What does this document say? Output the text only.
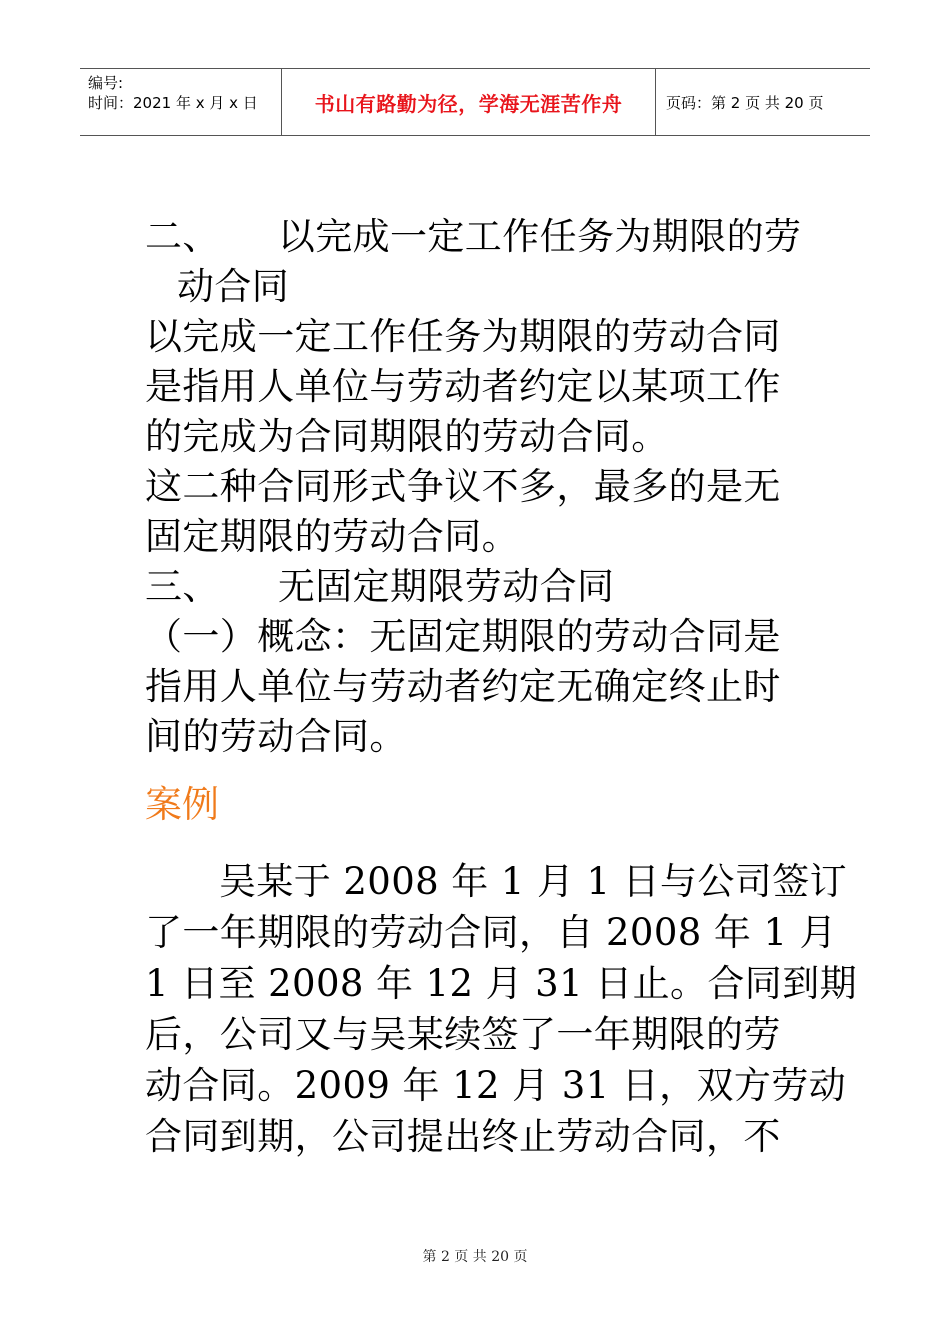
编号:
时间：2021 年 x 月 x 日	书山有路勤为径，学海无涯苦作舟	页码：第 2 页 共 20 页
二、 以完成一定工作任务为期限的劳
动合同
以完成一定工作任务为期限的劳动合同
是指用人单位与劳动者约定以某项工作
的完成为合同期限的劳动合同。
这二种合同形式争议不多，最多的是无
固定期限的劳动合同。
三、 无固定期限劳动合同
（一）概念：无固定期限的劳动合同是
指用人单位与劳动者约定无确定终止时
间的劳动合同。
案例
吴某于 2008 年 1 月 1 日与公司签订
了一年期限的劳动合同，自 2008 年 1 月
1 日至 2008 年 12 月 31 日止。合同到期
后，公司又与吴某续签了一年期限的劳
动合同。2009 年 12 月 31 日，双方劳动
合同到期，公司提出终止劳动合同，不
第 2 页 共 20 页
